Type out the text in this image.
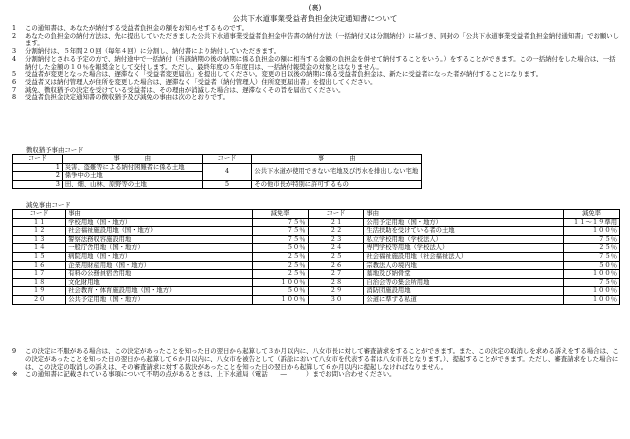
(裏)
公共下水道事業受益者負担金決定通知書について
1	この通知書は、あなたが納付する受益者負担金の額をお知らせするものです。
2	あなたの負担金の納付方法は、先に提出していただきました公共下水道事業受益者負担金申告書の納付方法（一括納付又は分割納付）に基づき、同封の「公共下水道事業受益者負担金納付通知書」でお願いします。
3	分割納付は、５年間２０回（毎年４回）に分割し、納付書により納付していただきます。
4	分割納付とされる予定の方で、納付途中で一括納付（当該納期の後の納期に係る負担金の額に相当する金額の負担金を併せて納付することをいう。）をすることができます。この一括納付をした場合は、一括納付した金額の１０％を報奨金として交付します。ただし、最終年度の５年度目は、一括納付報奨金の対象とはなりません。
5	受益者が変更となった場合は、遅滞なく「受益者変更届出」を提出してください。変更の日以後の納期に係る受益者負担金は、新たに受益者になった者が納付することになります。
6	受益者又は納付管理人が住所を変更した場合は、遅滞なく「受益者（納付管理人）住所変更届出書」を提出してください。
7	減免、徴収猶予の決定を受けている受益者は、その理由が消滅した場合は、遅滞なくその旨を届出てください。
8	受益者負担金決定通知書の徴収猶予及び減免の事由は次のとおりです。
徴収猶予事由コード
コード	事　　　　由	コード	事　　　　由
1	災害、盗難等による納付困難者に係る土地	4	公共下水道が使用できない宅地及び汚水を排出しない宅地
2	係争中の土地		
3	田、畑、山林、原野等の土地	5	その他市長が特別に許可するもの
減免事由コード
コード	事由	減免率	コード	事由	減免率
１１	学校用地（国・地方）	７５％	２１	公用予定用地（国・地方）	１１～１９準用
１２	社会福祉施設用地（国・地方）	７５％	２２	生活扶助を受けている者の土地	１００％
１３	警察法務収容施設用地	７５％	２３	私立学校用地（学校法人）	７５％
１４	一般庁舎用地（国・地方）	５０％	２４	専門学校等用地（学校法人）	２５％
１５	病院用地（国・地方）	２５％	２５	社会福祉施設用地（社会福祉法人）	７５％
１６	企業用財産用地（国・地方）	２５％	２６	宗教法人の境内地	５０％
１７	有料の公務員宿舎用地	２５％	２７	墓地及び納骨堂	１００％
１８	文化財用地	１００％	２８	自治会等の集会所用地	７５％
１９	社会教育・体育施設用地（国・地方）	５０％	２９	消防団施設用地	１００％
２０	公共予定用地（国・地方）	１００％	３０	公道に準ずる私道	１００％
9	この決定に不服がある場合は、この決定があったことを知った日の翌日から起算して３か月以内に、八女市長に対して審査請求をすることができます。また、この決定の取消しを求める訴えをする場合は、この決定があったことを知った日の翌日から起算して６か月以内に、八女市を被告として（訴訟において八女市を代表する者は八女市長となります。）、提起することができます。ただし、審査請求をした場合には、この決定の取消しの訴えは、その審査請求に対する裁決があったことを知った日の翌日から起算して６か月以内に提起しなければなりません。
※	この通知書に記載されている事項について不明の点があるときは、上下水道局（電話　　―　　　）までお問い合わせください。
